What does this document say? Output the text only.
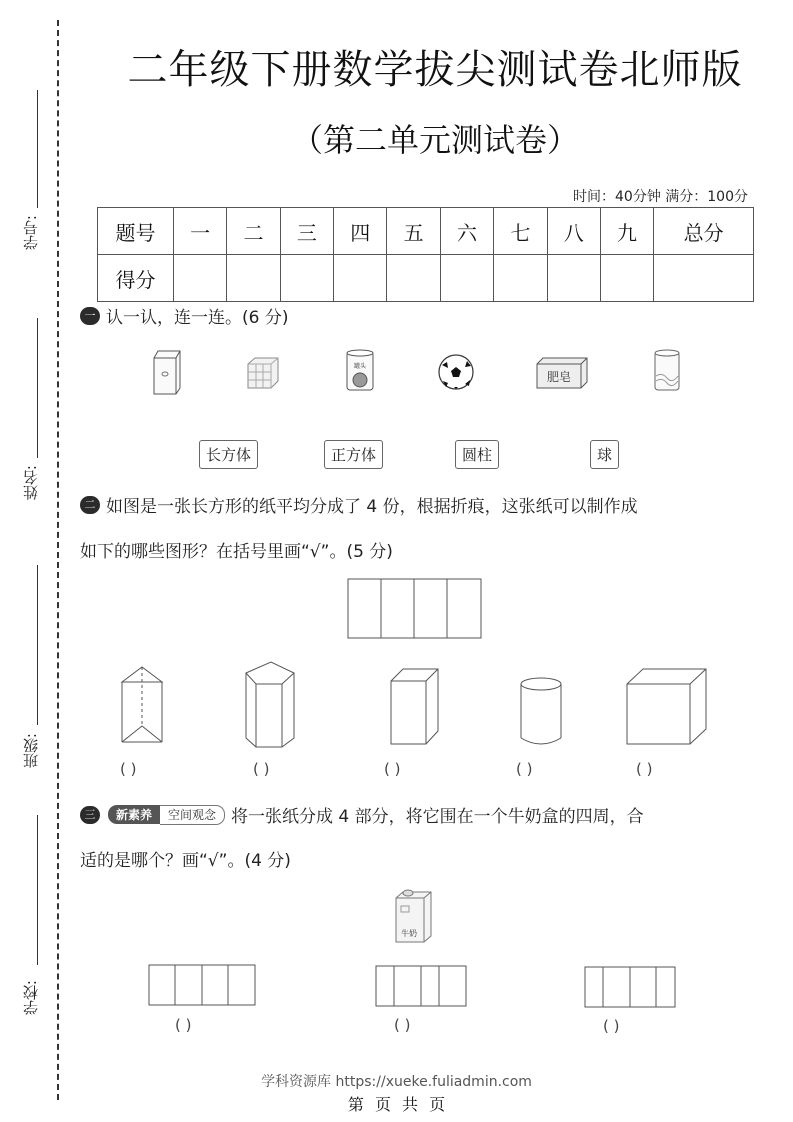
学号:
姓名:
班级:
学校:
二年级下册数学拔尖测试卷北师版
（第二单元测试卷）
时间：40分钟 满分：100分
题号	一	二	三	四	五	六	七	八	九	总分
得分										
一 认一认，连一连。(6 分)
罐头
肥皂
长方体	正方体	圆柱	球
二 如图是一张长方形的纸平均分成了 4 份，根据折痕，这张纸可以制作成
如下的哪些图形？在括号里画“√”。(5 分)
( )	( )	( )	( )	( )
三	新素养	空间观念 将一张纸分成 4 部分，将它围在一个牛奶盒的四周，合
适的是哪个？画“√”。(4 分)
牛奶
( )	( )	( )
学科资源库 https://xueke.fuliadmin.com
第 页 共 页
